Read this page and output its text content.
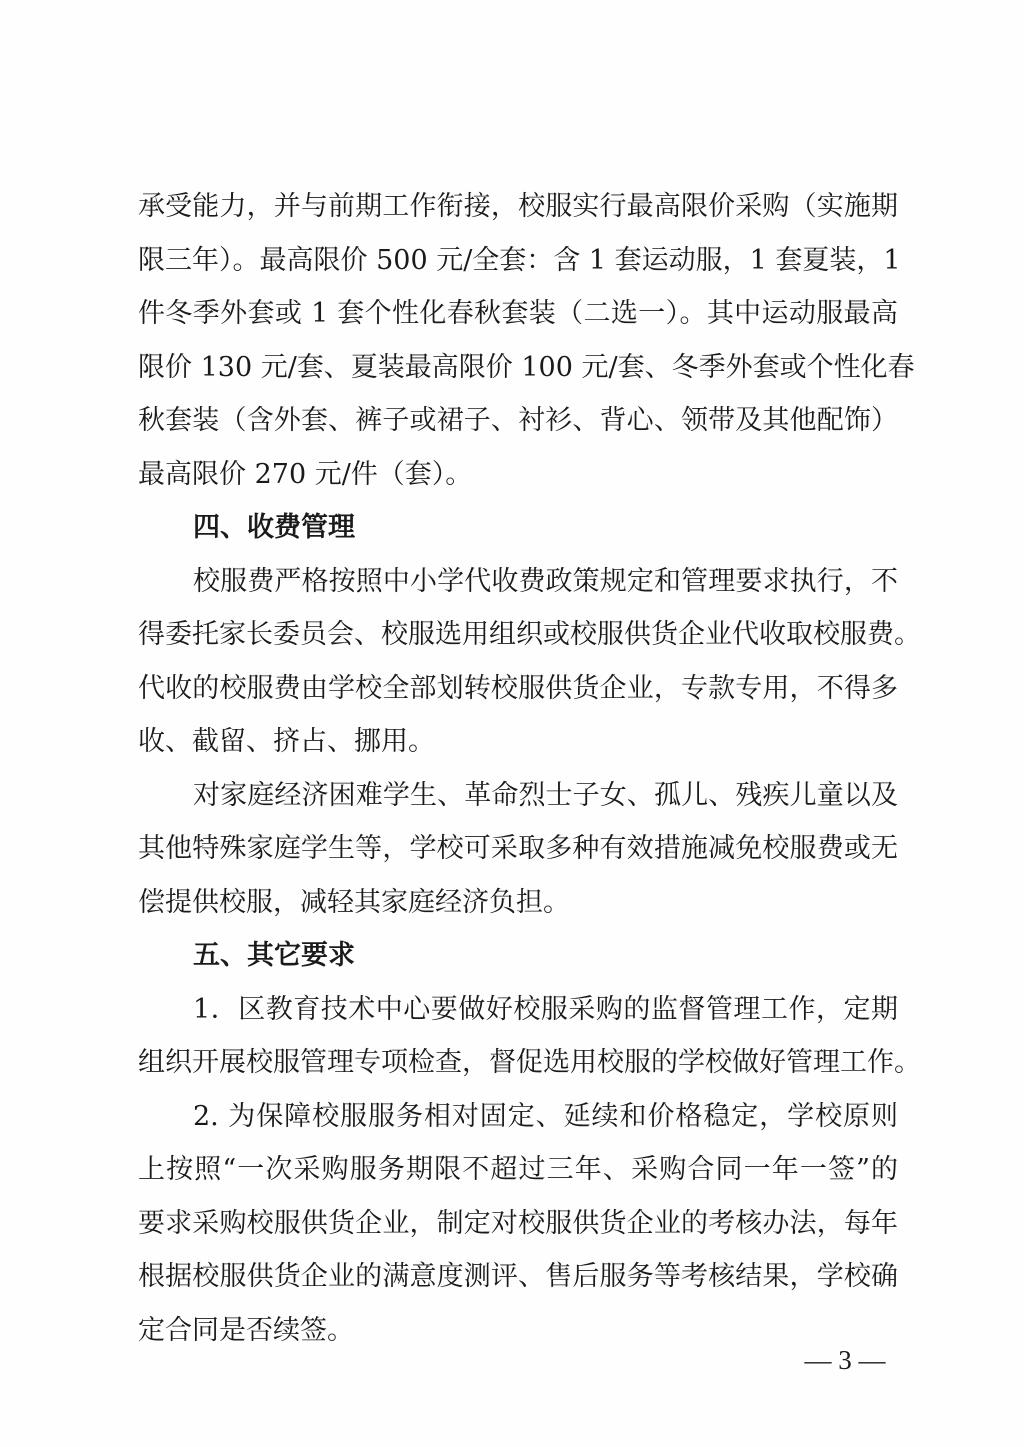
承受能力，并与前期工作衔接，校服实行最高限价采购（实施期
限三年）。最高限价 500 元/全套：含 1 套运动服，1 套夏装，1
件冬季外套或 1 套个性化春秋套装（二选一）。其中运动服最高
限价 130 元/套、夏装最高限价 100 元/套、冬季外套或个性化春
秋套装（含外套、裤子或裙子、衬衫、背心、领带及其他配饰）
最高限价 270 元/件（套）。
四、收费管理
校服费严格按照中小学代收费政策规定和管理要求执行，不
得委托家长委员会、校服选用组织或校服供货企业代收取校服费。
代收的校服费由学校全部划转校服供货企业，专款专用，不得多
收、截留、挤占、挪用。
对家庭经济困难学生、革命烈士子女、孤儿、残疾儿童以及
其他特殊家庭学生等，学校可采取多种有效措施减免校服费或无
偿提供校服，减轻其家庭经济负担。
五、其它要求
1．区教育技术中心要做好校服采购的监督管理工作，定期
组织开展校服管理专项检查，督促选用校服的学校做好管理工作。
2. 为保障校服服务相对固定、延续和价格稳定，学校原则
上按照“一次采购服务期限不超过三年、采购合同一年一签”的
要求采购校服供货企业，制定对校服供货企业的考核办法，每年
根据校服供货企业的满意度测评、售后服务等考核结果，学校确
定合同是否续签。
— 3 —
